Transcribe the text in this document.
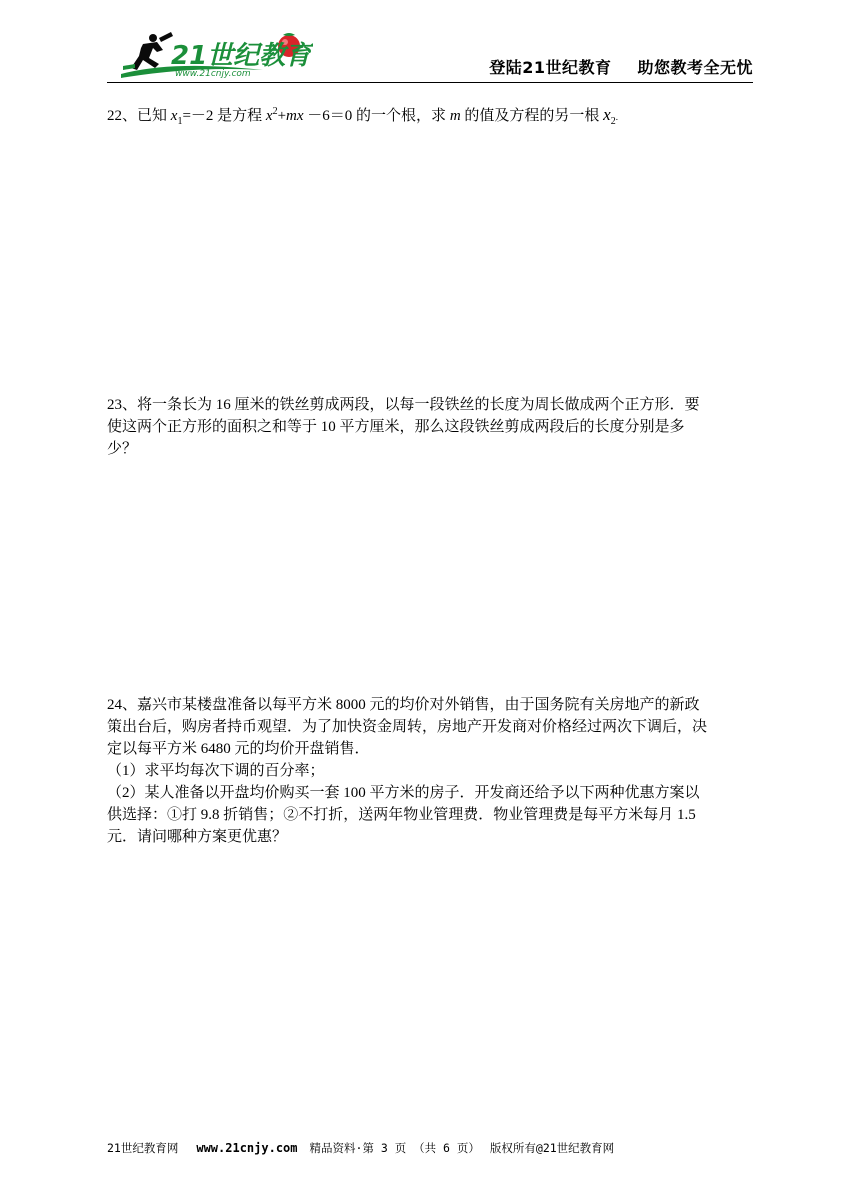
21世纪教育
www.21cnjy.com	登陆21世纪教育 助您教考全无忧

22、已知 $x_1=-2$ 是方程 $x^2+mx -6=0$ 的一个根，求 m 的值及方程的另一根 $x_2$.

23、将一条长为 16 厘米的铁丝剪成两段，以每一段铁丝的长度为周长做成两个正方形．要

使这两个正方形的面积之和等于 10 平方厘米，那么这段铁丝剪成两段后的长度分别是多

少？

24、嘉兴市某楼盘准备以每平方米 8000 元的均价对外销售，由于国务院有关房地产的新政

策出台后，购房者持币观望．为了加快资金周转，房地产开发商对价格经过两次下调后，决

定以每平方米 6480 元的均价开盘销售．

（1）求平均每次下调的百分率；

（2）某人准备以开盘均价购买一套 100 平方米的房子．开发商还给予以下两种优惠方案以

供选择：①打 9.8 折销售；②不打折，送两年物业管理费．物业管理费是每平方米每月 1.5

元．请问哪种方案更优惠？

21世纪教育网 www.21cnjy.com 精品资料·第 3 页 （共 6 页） 版权所有@21世纪教育网
